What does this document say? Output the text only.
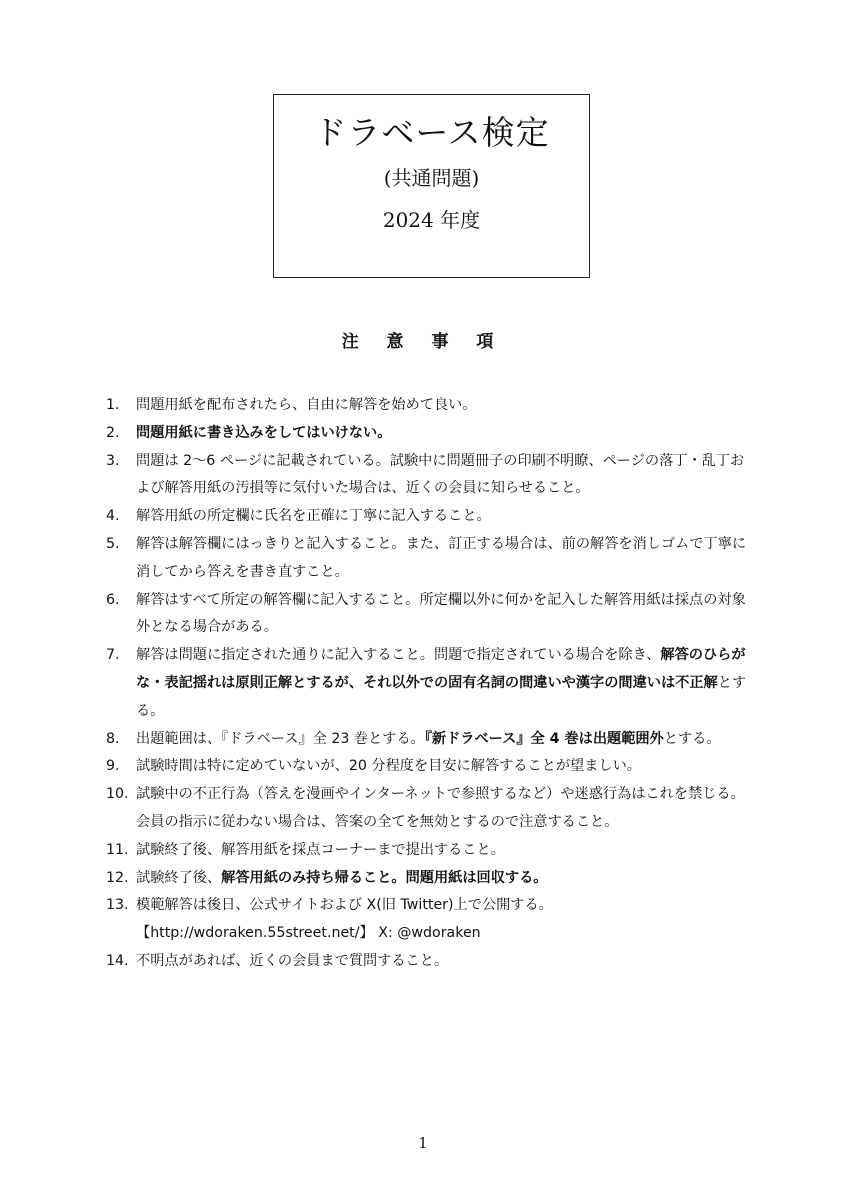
ドラベース検定
(共通問題)
2024 年度
注 意 事 項
1. 問題用紙を配布されたら、自由に解答を始めて良い。
2. 問題用紙に書き込みをしてはいけない。
3. 問題は 2～6 ページに記載されている。試験中に問題冊子の印刷不明瞭、ページの落丁・乱丁および解答用紙の汚損等に気付いた場合は、近くの会員に知らせること。
4. 解答用紙の所定欄に氏名を正確に丁寧に記入すること。
5. 解答は解答欄にはっきりと記入すること。また、訂正する場合は、前の解答を消しゴムで丁寧に消してから答えを書き直すこと。
6. 解答はすべて所定の解答欄に記入すること。所定欄以外に何かを記入した解答用紙は採点の対象外となる場合がある。
7. 解答は問題に指定された通りに記入すること。問題で指定されている場合を除き、解答のひらがな・表記揺れは原則正解とするが、それ以外での固有名詞の間違いや漢字の間違いは不正解とする。
8. 出題範囲は、『ドラベース』全 23 巻とする。『新ドラベース』全 4 巻は出題範囲外とする。
9. 試験時間は特に定めていないが、20 分程度を目安に解答することが望ましい。
10. 試験中の不正行為（答えを漫画やインターネットで参照するなど）や迷惑行為はこれを禁じる。会員の指示に従わない場合は、答案の全てを無効とするので注意すること。
11. 試験終了後、解答用紙を採点コーナーまで提出すること。
12. 試験終了後、解答用紙のみ持ち帰ること。問題用紙は回収する。
13. 模範解答は後日、公式サイトおよび X(旧 Twitter)上で公開する。
【http://wdoraken.55street.net/】 X: @wdoraken
14. 不明点があれば、近くの会員まで質問すること。
1
